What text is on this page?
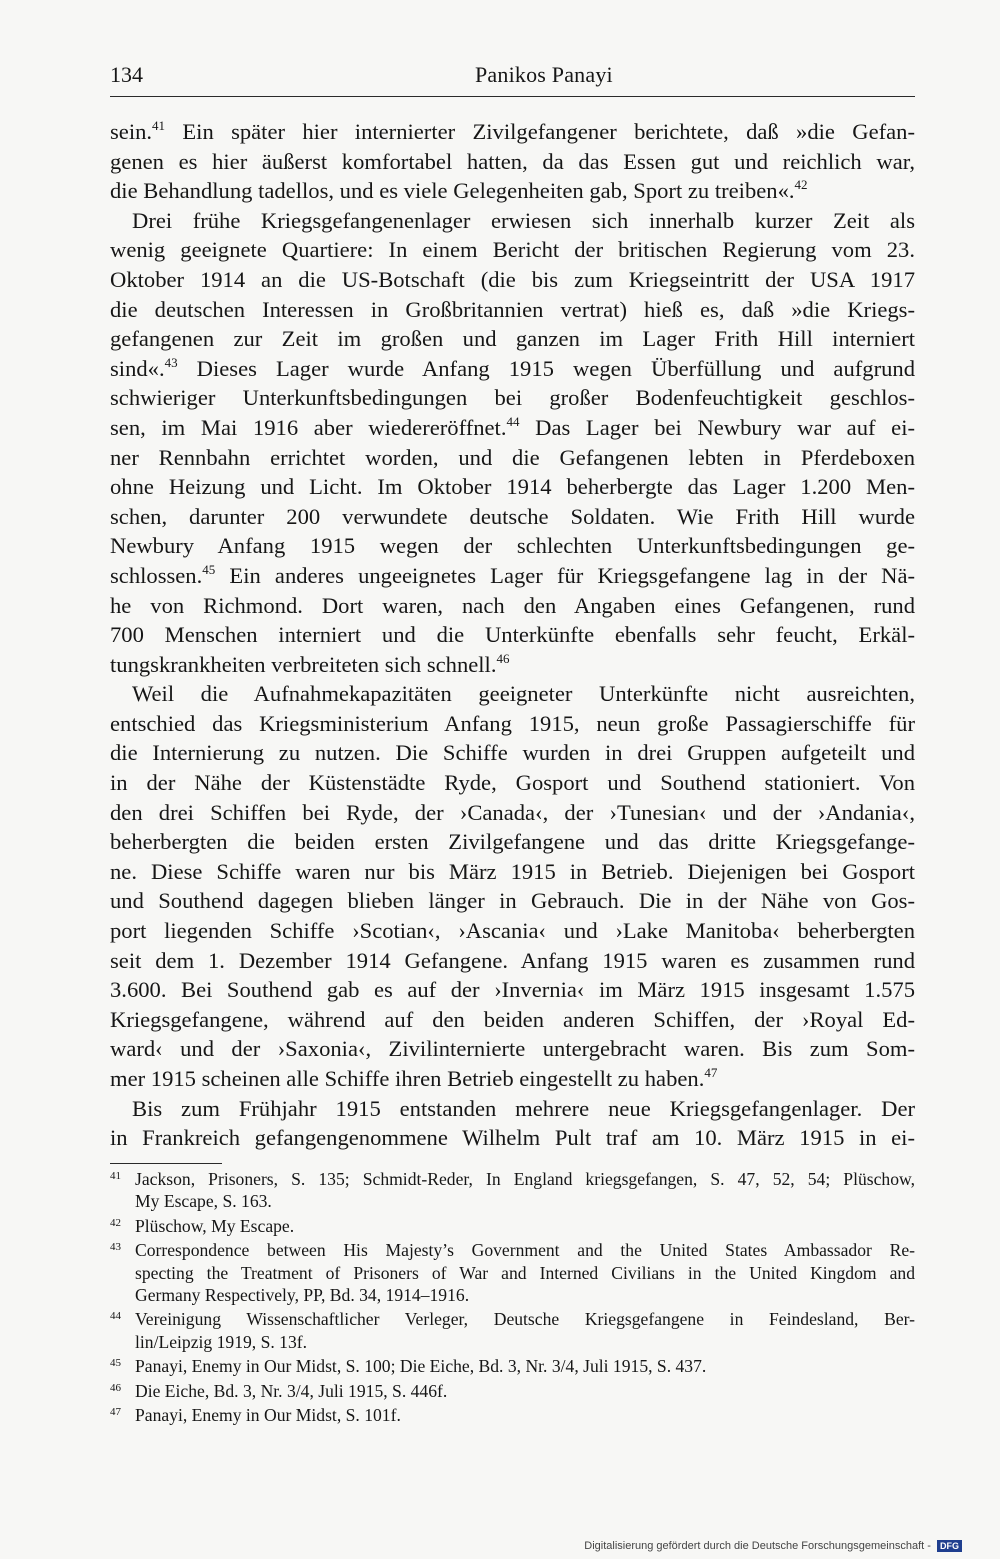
134	Panikos Panayi
sein.$^{41}$ Ein später hier internierter Zivilgefangener berichtete, daß »die Gefan-
genen es hier äußerst komfortabel hatten, da das Essen gut und reichlich war,
die Behandlung tadellos, und es viele Gelegenheiten gab, Sport zu treiben«.$^{42}$
Drei frühe Kriegsgefangenenlager erwiesen sich innerhalb kurzer Zeit als
wenig geeignete Quartiere: In einem Bericht der britischen Regierung vom 23.
Oktober 1914 an die US-Botschaft (die bis zum Kriegseintritt der USA 1917
die deutschen Interessen in Großbritannien vertrat) hieß es, daß »die Kriegs-
gefangenen zur Zeit im großen und ganzen im Lager Frith Hill interniert
sind«.$^{43}$ Dieses Lager wurde Anfang 1915 wegen Überfüllung und aufgrund
schwieriger Unterkunftsbedingungen bei großer Bodenfeuchtigkeit geschlos-
sen, im Mai 1916 aber wiedereröffnet.$^{44}$ Das Lager bei Newbury war auf ei-
ner Rennbahn errichtet worden, und die Gefangenen lebten in Pferdeboxen
ohne Heizung und Licht. Im Oktober 1914 beherbergte das Lager 1.200 Men-
schen, darunter 200 verwundete deutsche Soldaten. Wie Frith Hill wurde
Newbury Anfang 1915 wegen der schlechten Unterkunftsbedingungen ge-
schlossen.$^{45}$ Ein anderes ungeeignetes Lager für Kriegsgefangene lag in der Nä-
he von Richmond. Dort waren, nach den Angaben eines Gefangenen, rund
700 Menschen interniert und die Unterkünfte ebenfalls sehr feucht, Erkäl-
tungskrankheiten verbreiteten sich schnell.$^{46}$
Weil die Aufnahmekapazitäten geeigneter Unterkünfte nicht ausreichten,
entschied das Kriegsministerium Anfang 1915, neun große Passagierschiffe für
die Internierung zu nutzen. Die Schiffe wurden in drei Gruppen aufgeteilt und
in der Nähe der Küstenstädte Ryde, Gosport und Southend stationiert. Von
den drei Schiffen bei Ryde, der ›Canada‹, der ›Tunesian‹ und der ›Andania‹,
beherbergten die beiden ersten Zivilgefangene und das dritte Kriegsgefange-
ne. Diese Schiffe waren nur bis März 1915 in Betrieb. Diejenigen bei Gosport
und Southend dagegen blieben länger in Gebrauch. Die in der Nähe von Gos-
port liegenden Schiffe ›Scotian‹, ›Ascania‹ und ›Lake Manitoba‹ beherbergten
seit dem 1. Dezember 1914 Gefangene. Anfang 1915 waren es zusammen rund
3.600. Bei Southend gab es auf der ›Invernia‹ im März 1915 insgesamt 1.575
Kriegsgefangene, während auf den beiden anderen Schiffen, der ›Royal Ed-
ward‹ und der ›Saxonia‹, Zivilinternierte untergebracht waren. Bis zum Som-
mer 1915 scheinen alle Schiffe ihren Betrieb eingestellt zu haben.$^{47}$
Bis zum Frühjahr 1915 entstanden mehrere neue Kriegsgefangenlager. Der
in Frankreich gefangengenommene Wilhelm Pult traf am 10. März 1915 in ei-
41 Jackson, Prisoners, S. 135; Schmidt-Reder, In England kriegsgefangen, S. 47, 52, 54; Plüschow,
My Escape, S. 163.
42 Plüschow, My Escape.
43 Correspondence between His Majesty’s Government and the United States Ambassador Re-
specting the Treatment of Prisoners of War and Interned Civilians in the United Kingdom and
Germany Respectively, PP, Bd. 34, 1914–1916.
44 Vereinigung Wissenschaftlicher Verleger, Deutsche Kriegsgefangene in Feindesland, Ber-
lin/Leipzig 1919, S. 13f.
45 Panayi, Enemy in Our Midst, S. 100; Die Eiche, Bd. 3, Nr. 3/4, Juli 1915, S. 437.
46 Die Eiche, Bd. 3, Nr. 3/4, Juli 1915, S. 446f.
47 Panayi, Enemy in Our Midst, S. 101f.
Digitalisierung gefördert durch die Deutsche Forschungsgemeinschaft - DFG
